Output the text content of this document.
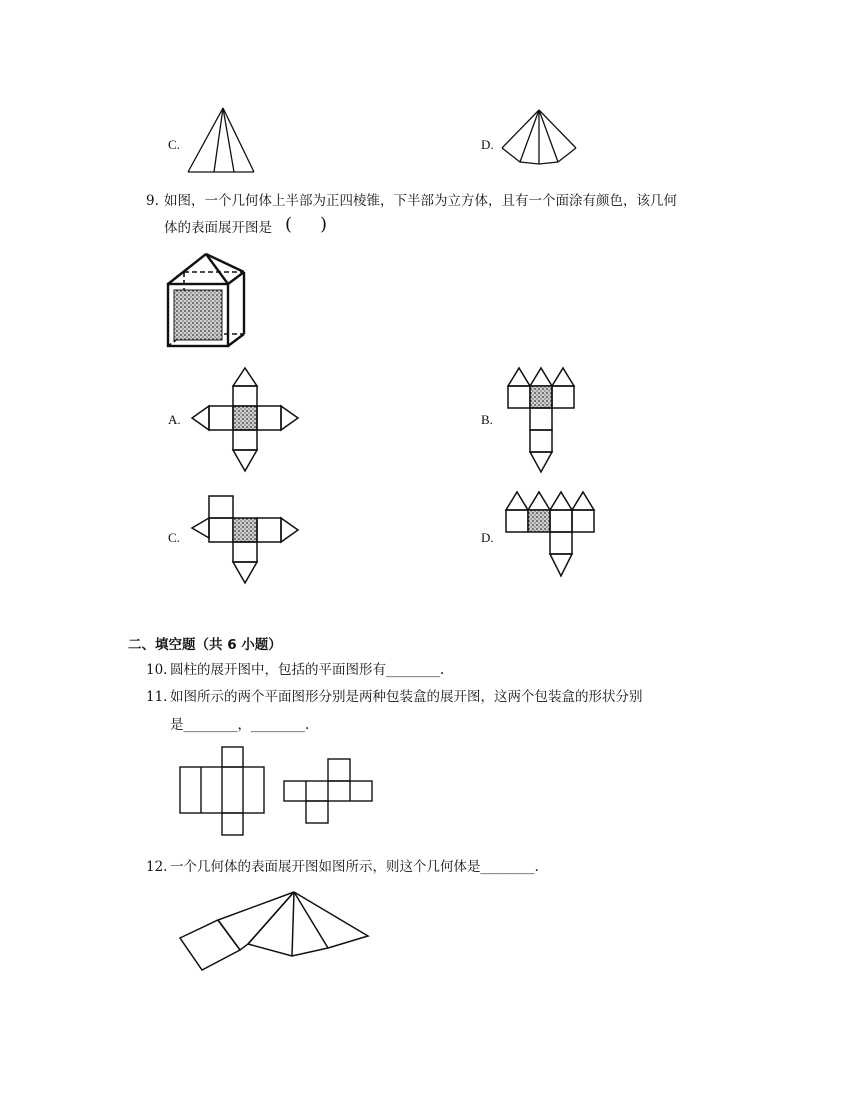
C.	D.
9. 如图，一个几何体上半部为正四棱锥，下半部为立方体，且有一个面涂有颜色，该几何
体的表面展开图是 ( )
A.	B.
C.	D.
二、填空题（共 6 小题）
10. 圆柱的展开图中，包括的平面图形有________.
11. 如图所示的两个平面图形分别是两种包装盒的展开图，这两个包装盒的形状分别
是________，________.
12. 一个几何体的表面展开图如图所示，则这个几何体是________.
